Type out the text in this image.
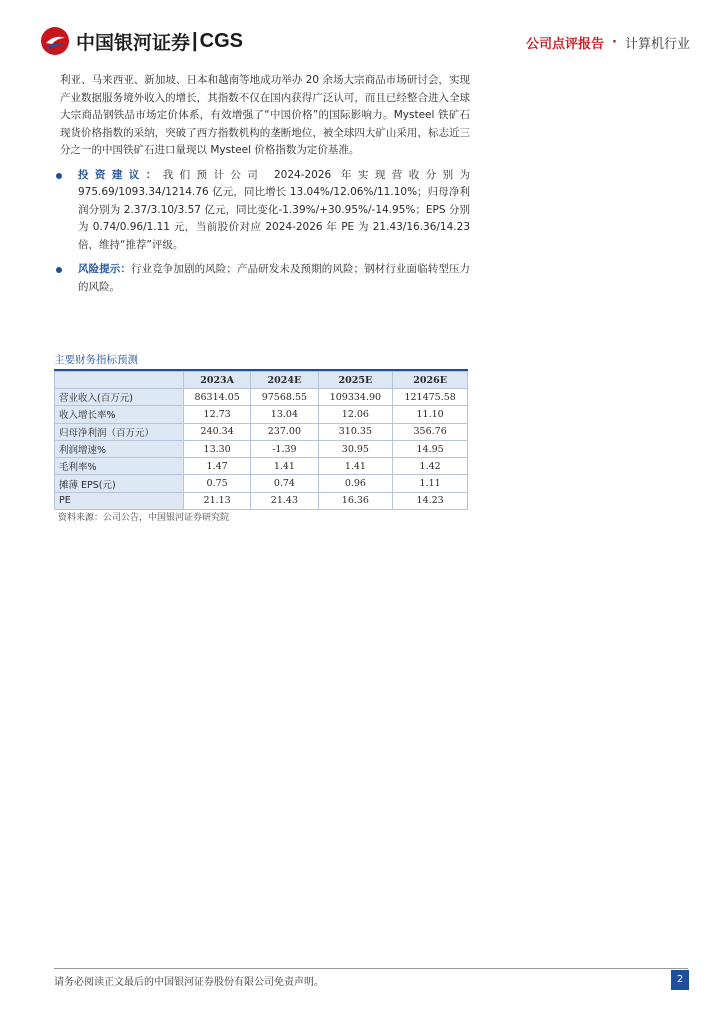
中国银河证券 | CGS	公司点评报告 · 计算机行业

利亚、马来西亚、新加坡、日本和越南等地成功举办 20 余场大宗商品市场研讨会，实现产业数据服务境外收入的增长，其指数不仅在国内获得广泛认可，而且已经整合进入全球大宗商品钢铁品市场定价体系，有效增强了“中国价格”的国际影响力。Mysteel 铁矿石现货价格指数的采纳，突破了西方指数机构的垄断地位，被全球四大矿山采用，标志近三分之一的中国铁矿石进口量现以 Mysteel 价格指数为定价基准。

投资建议：我们预计公司 2024-2026 年实现营收分别为 975.69/1093.34/1214.76 亿元，同比增长 13.04%/12.06%/11.10%；归母净利润分别为 2.37/3.10/3.57 亿元，同比变化-1.39%/+30.95%/-14.95%；EPS 分别为 0.74/0.96/1.11 元，当前股价对应 2024-2026 年 PE 为 21.43/16.36/14.23 倍，维持“推荐”评级。

风险提示：行业竞争加剧的风险；产品研发未及预期的风险；钢材行业面临转型压力的风险。

主要财务指标预测
	2023A	2024E	2025E	2026E
营业收入(百万元)	86314.05	97568.55	109334.90	121475.58
收入增长率%	12.73	13.04	12.06	11.10
归母净利润（百万元）	240.34	237.00	310.35	356.76
利润增速%	13.30	-1.39	30.95	14.95
毛利率%	1.47	1.41	1.41	1.42
摊薄 EPS(元)	0.75	0.74	0.96	1.11
PE	21.13	21.43	16.36	14.23
资料来源：公司公告，中国银河证券研究院
请务必阅读正文最后的中国银河证券股份有限公司免责声明。	2
